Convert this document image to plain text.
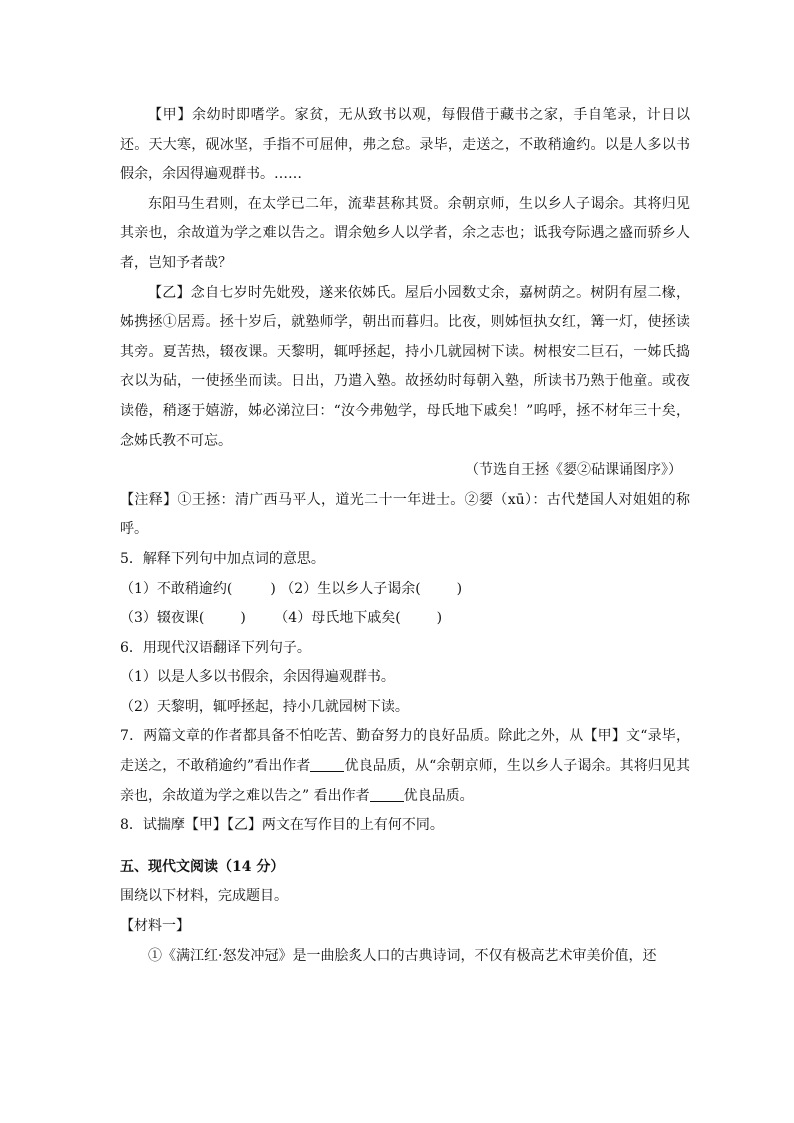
【甲】余幼时即嗜学。家贫，无从致书以观，每假借于藏书之家，手自笔录，计日以还。天大寒，砚冰坚，手指不可屈伸，弗之怠。录毕，走送之，不敢稍逾约。以是人多以书假余，余因得遍观群书。……

东阳马生君则，在太学已二年，流辈甚称其贤。余朝京师，生以乡人子谒余。其将归见其亲也，余故道为学之难以告之。谓余勉乡人以学者，余之志也；诋我夸际遇之盛而骄乡人者，岂知予者哉？

【乙】念自七岁时先妣殁，遂来依姊氏。屋后小园数丈余，嘉树荫之。树阴有屋二椽，姊携拯①居焉。拯十岁后，就塾师学，朝出而暮归。比夜，则姊恒执女红，篝一灯，使拯读其旁。夏苦热，辍夜课。天黎明，辄呼拯起，持小几就园树下读。树根安二巨石，一姊氏捣衣以为砧，一使拯坐而读。日出，乃遣入塾。故拯幼时每朝入塾，所读书乃熟于他童。或夜读倦，稍逐于嬉游，姊必涕泣曰：“汝今弗勉学，母氏地下戚矣！”呜呼，拯不材年三十矣，念姊氏教不可忘。

（节选自王拯《媭②砧课诵图序》）

【注释】①王拯：清广西马平人，道光二十一年进士。②媭（xū）：古代楚国人对姐姐的称呼。

5．解释下列句中加点词的意思。

（1）不敢稍逾约(	) （2）生以乡人子谒余(	)

（3）辍夜课(	) （4）母氏地下戚矣(	)

6．用现代汉语翻译下列句子。

（1）以是人多以书假余，余因得遍观群书。

（2）天黎明，辄呼拯起，持小几就园树下读。

7．两篇文章的作者都具备不怕吃苦、勤奋努力的良好品质。除此之外，从【甲】文“录毕，走送之，不敢稍逾约”看出作者 优良品质，从“余朝京师，生以乡人子谒余。其将归见其亲也，余故道为学之难以告之” 看出作者 优良品质。

8．试揣摩【甲】【乙】两文在写作目的上有何不同。

五、现代文阅读（14 分）

围绕以下材料，完成题目。

【材料一】

①《满江红·怒发冲冠》是一曲脍炙人口的古典诗词，不仅有极高艺术审美价值，还
